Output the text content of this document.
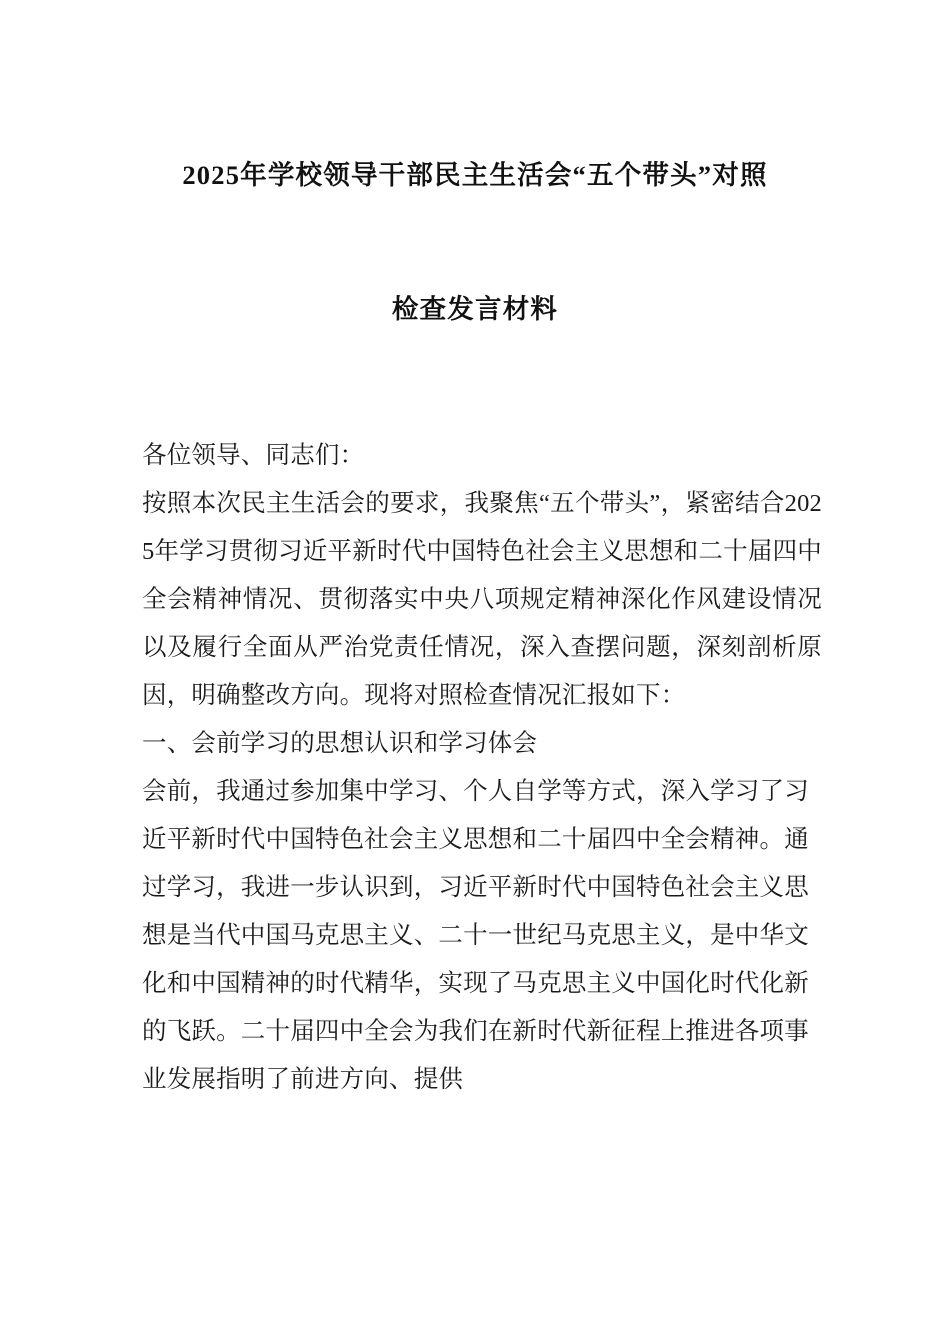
2025年学校领导干部民主生活会“五个带头”对照
检查发言材料

各位领导、同志们：

按照本次民主生活会的要求，我聚焦“五个带头”，紧密结合2025年学习贯彻习近平新时代中国特色社会主义思想和二十届四中全会精神情况、贯彻落实中央八项规定精神深化作风建设情况以及履行全面从严治党责任情况，深入查摆问题，深刻剖析原因，明确整改方向。现将对照检查情况汇报如下：

一、会前学习的思想认识和学习体会

会前，我通过参加集中学习、个人自学等方式，深入学习了习近平新时代中国特色社会主义思想和二十届四中全会精神。通过学习，我进一步认识到，习近平新时代中国特色社会主义思想是当代中国马克思主义、二十一世纪马克思主义，是中华文化和中国精神的时代精华，实现了马克思主义中国化时代化新的飞跃。二十届四中全会为我们在新时代新征程上推进各项事业发展指明了前进方向、提供
